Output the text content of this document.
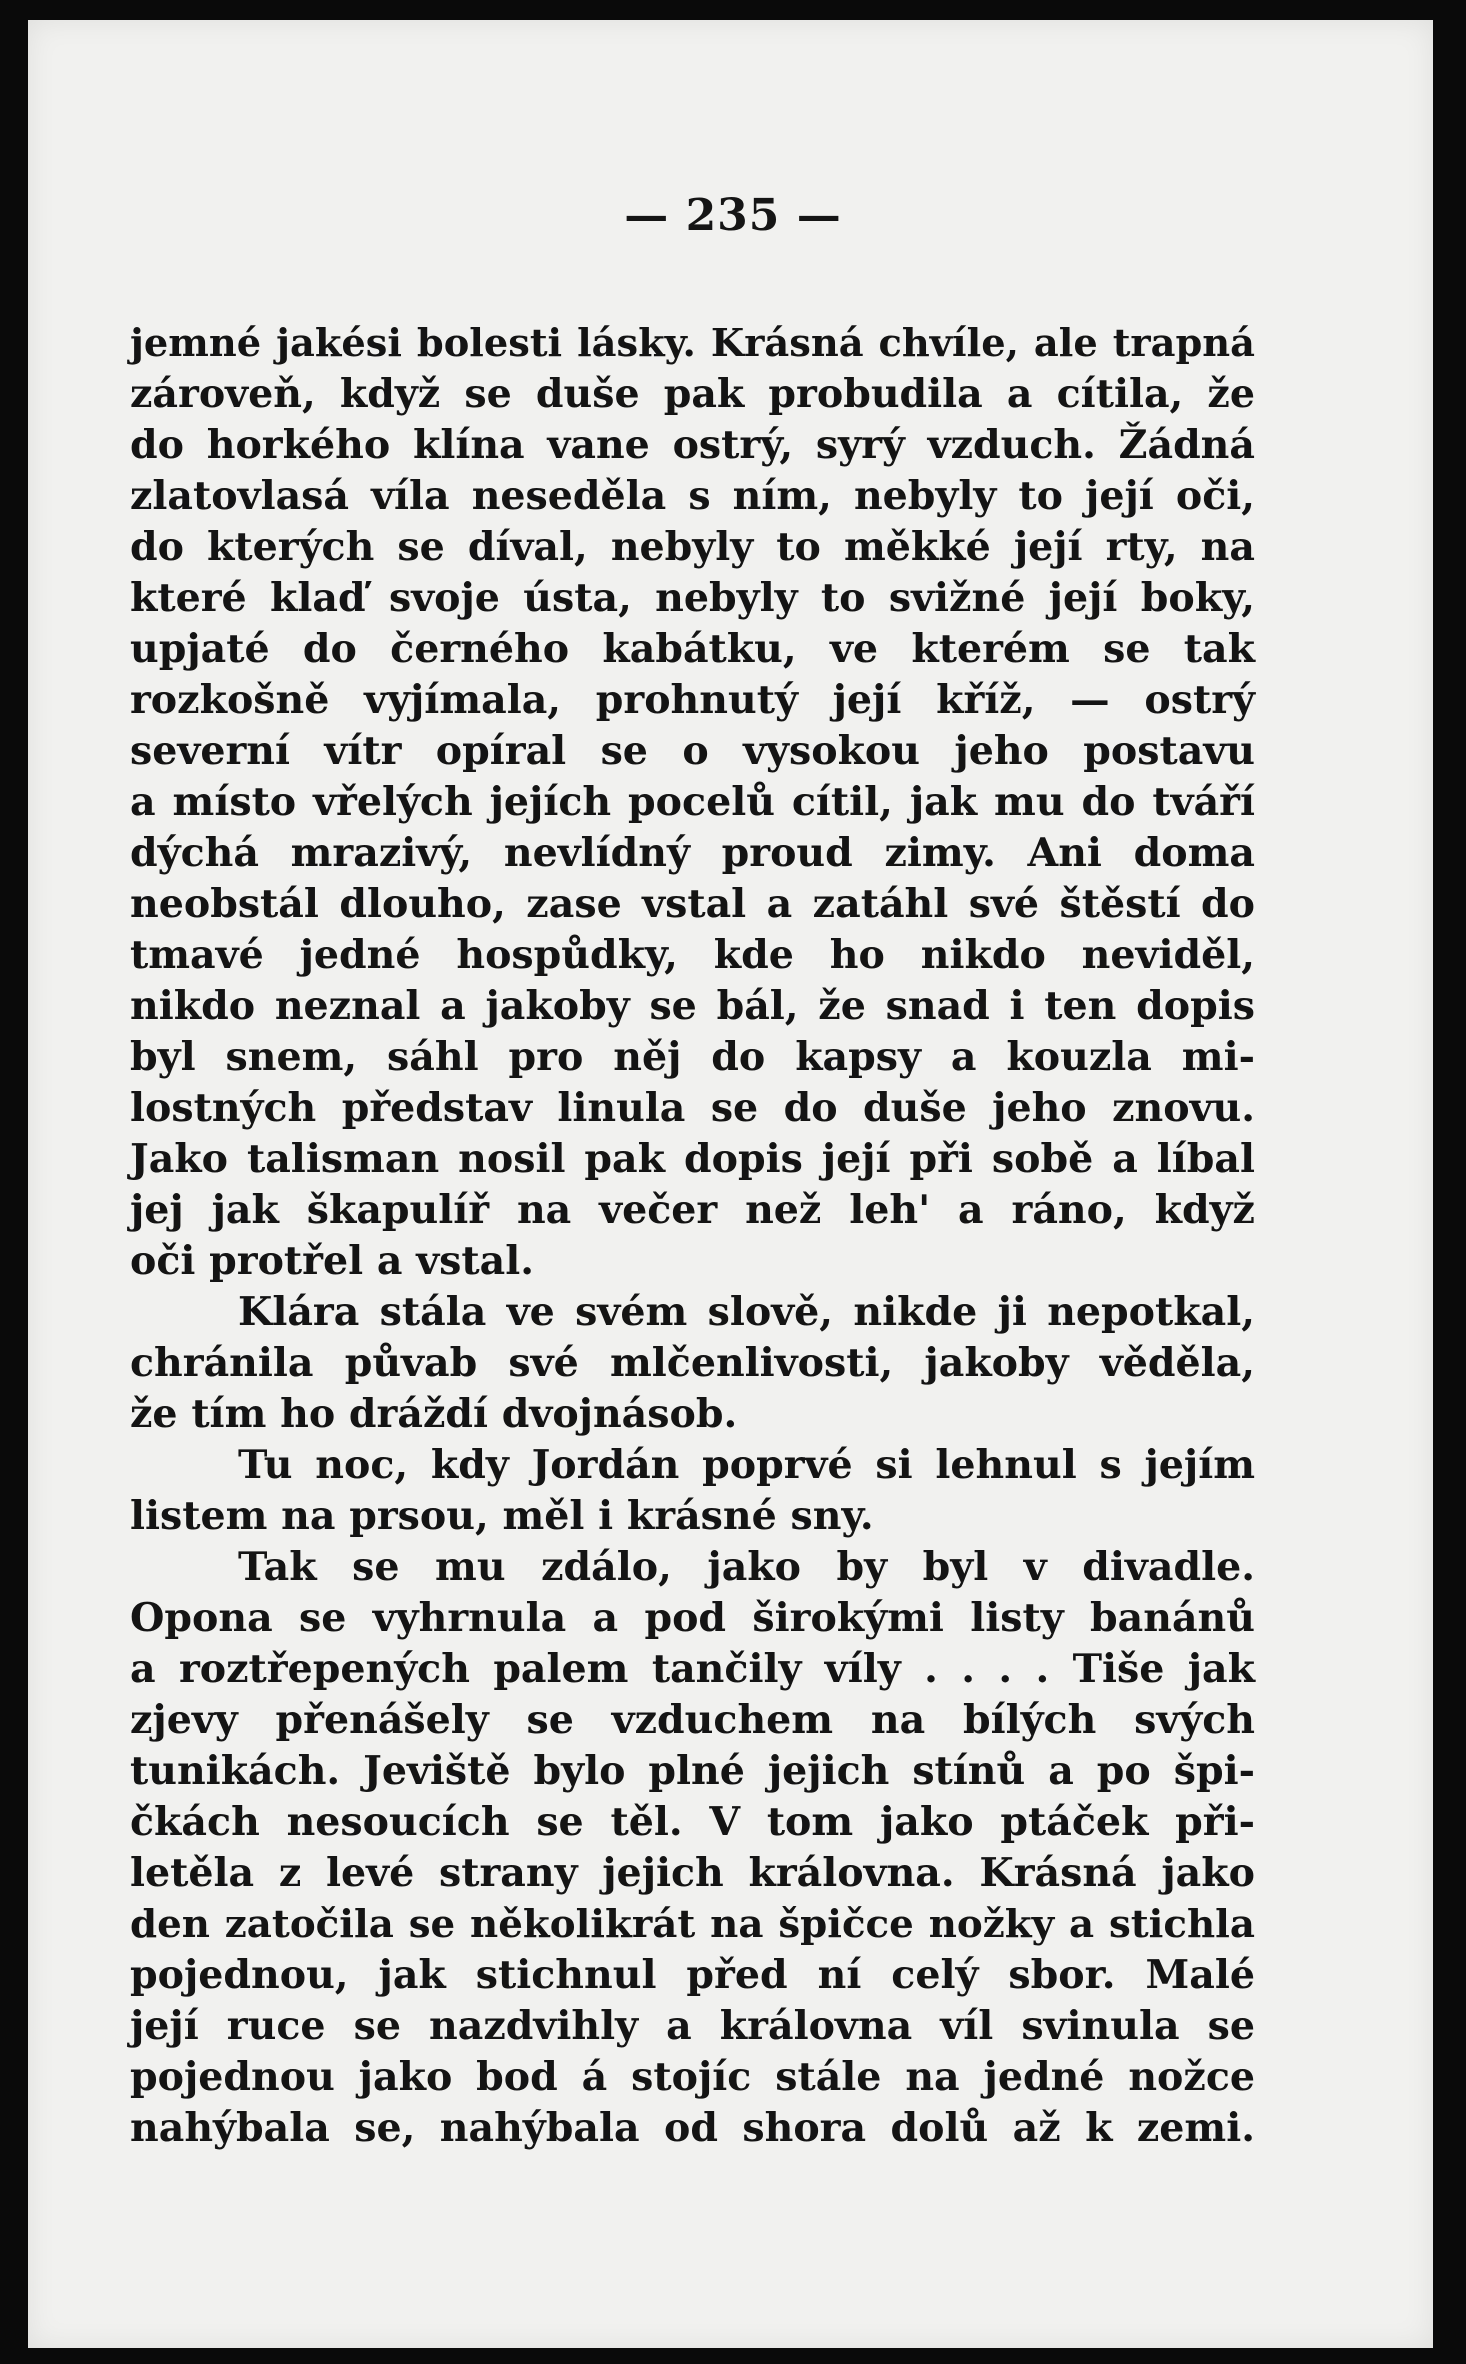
— 235 —
jemné jakési bolesti lásky. Krásná chvíle, ale trapná
zároveň, když se duše pak probudila a cítila, že
do horkého klína vane ostrý, syrý vzduch. Žádná
zlatovlasá víla neseděla s ním, nebyly to její oči,
do kterých se díval, nebyly to měkké její rty, na
které klaď svoje ústa, nebyly to svižné její boky,
upjaté do černého kabátku, ve kterém se tak
rozkošně vyjímala, prohnutý její kříž, — ostrý
severní vítr opíral se o vysokou jeho postavu
a místo vřelých jejích pocelů cítil, jak mu do tváří
dýchá mrazivý, nevlídný proud zimy. Ani doma
neobstál dlouho, zase vstal a zatáhl své štěstí do
tmavé jedné hospůdky, kde ho nikdo neviděl,
nikdo neznal a jakoby se bál, že snad i ten dopis
byl snem, sáhl pro něj do kapsy a kouzla mi-
lostných představ linula se do duše jeho znovu.
Jako talisman nosil pak dopis její při sobě a líbal
jej jak škapulíř na večer než leh' a ráno, když
oči protřel a vstal.
Klára stála ve svém slově, nikde ji nepotkal,
chránila půvab své mlčenlivosti, jakoby věděla,
že tím ho dráždí dvojnásob.
Tu noc, kdy Jordán poprvé si lehnul s jejím
listem na prsou, měl i krásné sny.
Tak se mu zdálo, jako by byl v divadle.
Opona se vyhrnula a pod širokými listy banánů
a roztřepených palem tančily víly . . . . Tiše jak
zjevy přenášely se vzduchem na bílých svých
tunikách. Jeviště bylo plné jejich stínů a po špi-
čkách nesoucích se těl. V tom jako ptáček při-
letěla z levé strany jejich královna. Krásná jako
den zatočila se několikrát na špičce nožky a stichla
pojednou, jak stichnul před ní celý sbor. Malé
její ruce se nazdvihly a královna víl svinula se
pojednou jako bod á stojíc stále na jedné nožce
nahýbala se, nahýbala od shora dolů až k zemi.
